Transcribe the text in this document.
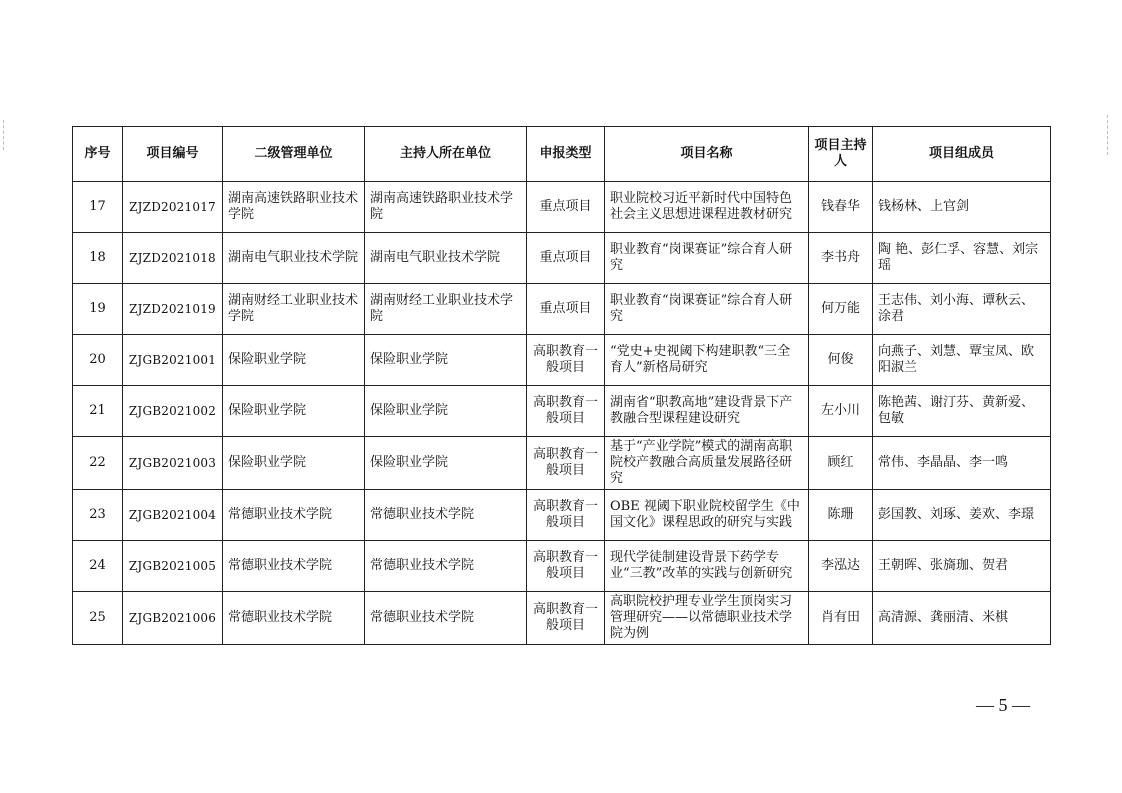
序号	项目编号	二级管理单位	主持人所在单位	申报类型	项目名称	项目主持人	项目组成员
17	ZJZD2021017	湖南高速铁路职业技术学院	湖南高速铁路职业技术学院	重点项目	职业院校习近平新时代中国特色社会主义思想进课程进教材研究	钱春华	钱杨林、上官剑
18	ZJZD2021018	湖南电气职业技术学院	湖南电气职业技术学院	重点项目	职业教育“岗课赛证”综合育人研究	李书舟	陶 艳、彭仁孚、容慧、刘宗瑶
19	ZJZD2021019	湖南财经工业职业技术学院	湖南财经工业职业技术学院	重点项目	职业教育“岗课赛证”综合育人研究	何万能	王志伟、刘小海、谭秋云、涂君
20	ZJGB2021001	保险职业学院	保险职业学院	高职教育一般项目	“党史+史视阈下构建职教“三全育人”新格局研究	何俊	向燕子、刘慧、覃宝凤、欧阳淑兰
21	ZJGB2021002	保险职业学院	保险职业学院	高职教育一般项目	湖南省“职教高地”建设背景下产教融合型课程建设研究	左小川	陈艳茜、谢汀芬、黄新爱、包敏
22	ZJGB2021003	保险职业学院	保险职业学院	高职教育一般项目	基于“产业学院”模式的湖南高职院校产教融合高质量发展路径研究	顾红	常伟、李晶晶、李一鸣
23	ZJGB2021004	常德职业技术学院	常德职业技术学院	高职教育一般项目	OBE 视阈下职业院校留学生《中国文化》课程思政的研究与实践	陈珊	彭国教、刘琢、姜欢、李璟
24	ZJGB2021005	常德职业技术学院	常德职业技术学院	高职教育一般项目	现代学徒制建设背景下药学专业“三教”改革的实践与创新研究	李泓达	王朝晖、张旖珈、贺君
25	ZJGB2021006	常德职业技术学院	常德职业技术学院	高职教育一般项目	高职院校护理专业学生顶岗实习管理研究——以常德职业技术学院为例	肖有田	高清源、龚丽清、米棋
— 5 —
